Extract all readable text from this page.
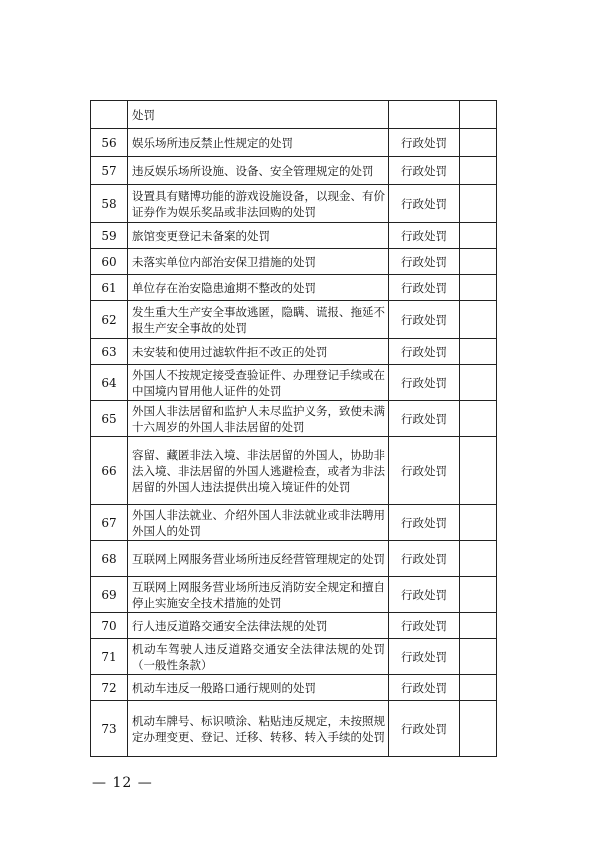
	处罚		
56	娱乐场所违反禁止性规定的处罚	行政处罚	
57	违反娱乐场所设施、设备、安全管理规定的处罚	行政处罚	
58	设置具有赌博功能的游戏设施设备，以现金、有价证券作为娱乐奖品或非法回购的处罚	行政处罚	
59	旅馆变更登记未备案的处罚	行政处罚	
60	未落实单位内部治安保卫措施的处罚	行政处罚	
61	单位存在治安隐患逾期不整改的处罚	行政处罚	
62	发生重大生产安全事故逃匿，隐瞒、谎报、拖延不报生产安全事故的处罚	行政处罚	
63	未安装和使用过滤软件拒不改正的处罚	行政处罚	
64	外国人不按规定接受查验证件、办理登记手续或在中国境内冒用他人证件的处罚	行政处罚	
65	外国人非法居留和监护人未尽监护义务，致使未满十六周岁的外国人非法居留的处罚	行政处罚	
66	容留、藏匿非法入境、非法居留的外国人，协助非法入境、非法居留的外国人逃避检查，或者为非法居留的外国人违法提供出境入境证件的处罚	行政处罚	
67	外国人非法就业、介绍外国人非法就业或非法聘用外国人的处罚	行政处罚	
68	互联网上网服务营业场所违反经营管理规定的处罚	行政处罚	
69	互联网上网服务营业场所违反消防安全规定和擅自停止实施安全技术措施的处罚	行政处罚	
70	行人违反道路交通安全法律法规的处罚	行政处罚	
71	机动车驾驶人违反道路交通安全法律法规的处罚（一般性条款）	行政处罚	
72	机动车违反一般路口通行规则的处罚	行政处罚	
73	机动车牌号、标识喷涂、粘贴违反规定，未按照规定办理变更、登记、迁移、转移、转入手续的处罚	行政处罚	
— 12 —
